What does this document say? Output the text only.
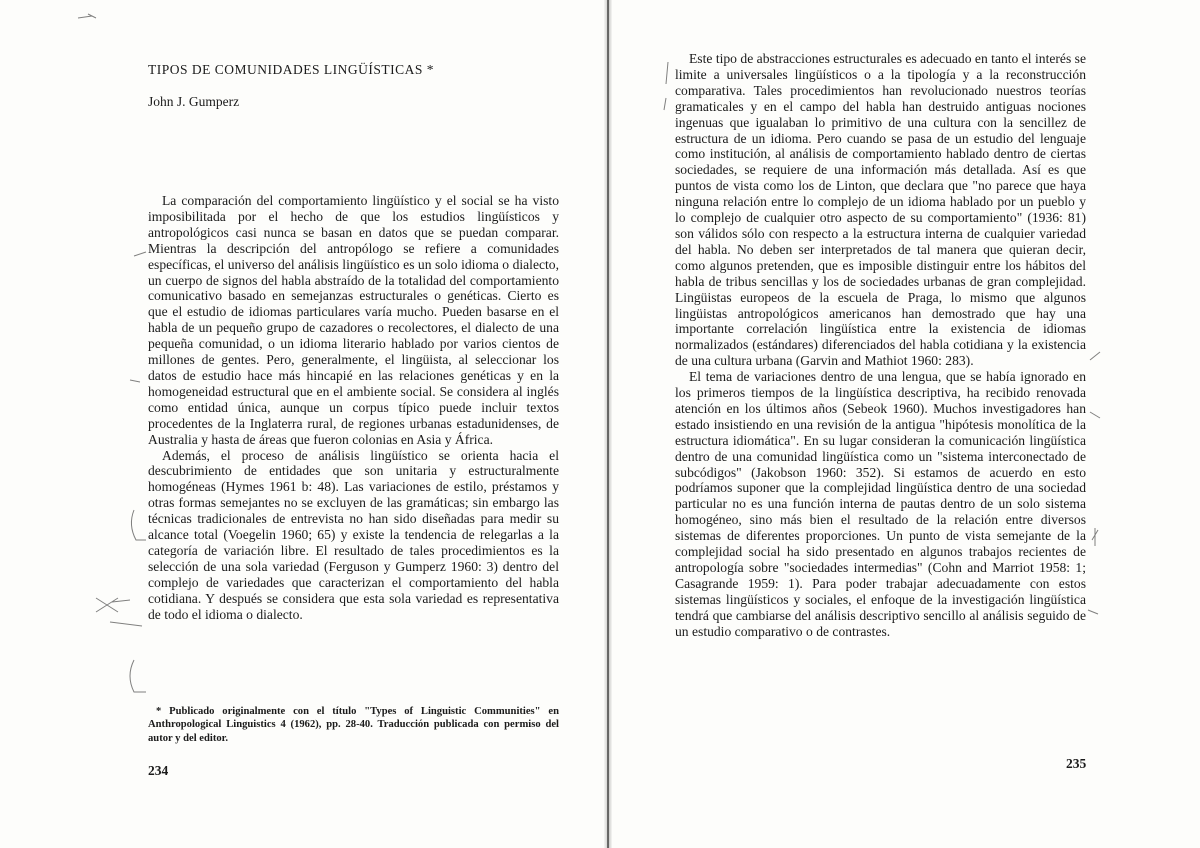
TIPOS DE COMUNIDADES LINGÜÍSTICAS *
John J. Gumperz

La comparación del comportamiento lingüístico y el social se ha visto imposibilitada por el hecho de que los estudios lingüísticos y antropológicos casi nunca se basan en datos que se puedan comparar. Mientras la descripción del antropólogo se refiere a comunidades específicas, el universo del análisis lingüístico es un solo idioma o dialecto, un cuerpo de signos del habla abstraído de la totalidad del comportamiento comunicativo basado en semejanzas estructurales o genéticas. Cierto es que el estudio de idiomas particulares varía mucho. Pueden basarse en el habla de un pequeño grupo de cazadores o recolectores, el dialecto de una pequeña comunidad, o un idioma literario hablado por varios cientos de millones de gentes. Pero, generalmente, el lingüista, al seleccionar los datos de estudio hace más hincapié en las relaciones genéticas y en la homogeneidad estructural que en el ambiente social. Se considera al inglés como entidad única, aunque un corpus típico puede incluir textos procedentes de la Inglaterra rural, de regiones urbanas estadunidenses, de Australia y hasta de áreas que fueron colonias en Asia y África.

Además, el proceso de análisis lingüístico se orienta hacia el descubrimiento de entidades que son unitaria y estructuralmente homogéneas (Hymes 1961 b: 48). Las variaciones de estilo, préstamos y otras formas semejantes no se excluyen de las gramáticas; sin embargo las técnicas tradicionales de entrevista no han sido diseñadas para medir su alcance total (Voegelin 1960; 65) y existe la tendencia de relegarlas a la categoría de variación libre. El resultado de tales procedimientos es la selección de una sola variedad (Ferguson y Gumperz 1960: 3) dentro del complejo de variedades que caracterizan el comportamiento del habla cotidiana. Y después se considera que esta sola variedad es representativa de todo el idioma o dialecto.

* Publicado originalmente con el título "Types of Linguistic Communities" en Anthropological Linguistics 4 (1962), pp. 28-40. Traducción publicada con permiso del autor y del editor.

234

Este tipo de abstracciones estructurales es adecuado en tanto el interés se limite a universales lingüísticos o a la tipología y a la reconstrucción comparativa. Tales procedimientos han revolucionado nuestros teorías gramaticales y en el campo del habla han destruido antiguas nociones ingenuas que igualaban lo primitivo de una cultura con la sencillez de estructura de un idioma. Pero cuando se pasa de un estudio del lenguaje como institución, al análisis de comportamiento hablado dentro de ciertas sociedades, se requiere de una información más detallada. Así es que puntos de vista como los de Linton, que declara que "no parece que haya ninguna relación entre lo complejo de un idioma hablado por un pueblo y lo complejo de cualquier otro aspecto de su comportamiento" (1936: 81) son válidos sólo con respecto a la estructura interna de cualquier variedad del habla. No deben ser interpretados de tal manera que quieran decir, como algunos pretenden, que es imposible distinguir entre los hábitos del habla de tribus sencillas y los de sociedades urbanas de gran complejidad. Lingüistas europeos de la escuela de Praga, lo mismo que algunos lingüistas antropológicos americanos han demostrado que hay una importante correlación lingüística entre la existencia de idiomas normalizados (estándares) diferenciados del habla cotidiana y la existencia de una cultura urbana (Garvin and Mathiot 1960: 283).

El tema de variaciones dentro de una lengua, que se había ignorado en los primeros tiempos de la lingüística descriptiva, ha recibido renovada atención en los últimos años (Sebeok 1960). Muchos investigadores han estado insistiendo en una revisión de la antigua "hipótesis monolítica de la estructura idiomática". En su lugar consideran la comunicación lingüística dentro de una comunidad lingüística como un "sistema interconectado de subcódigos" (Jakobson 1960: 352). Si estamos de acuerdo en esto podríamos suponer que la complejidad lingüística dentro de una sociedad particular no es una función interna de pautas dentro de un solo sistema homogéneo, sino más bien el resultado de la relación entre diversos sistemas de diferentes proporciones. Un punto de vista semejante de la complejidad social ha sido presentado en algunos trabajos recientes de antropología sobre "sociedades intermedias" (Cohn and Marriot 1958: 1; Casagrande 1959: 1). Para poder trabajar adecuadamente con estos sistemas lingüísticos y sociales, el enfoque de la investigación lingüística tendrá que cambiarse del análisis descriptivo sencillo al análisis seguido de un estudio comparativo o de contrastes.

235
